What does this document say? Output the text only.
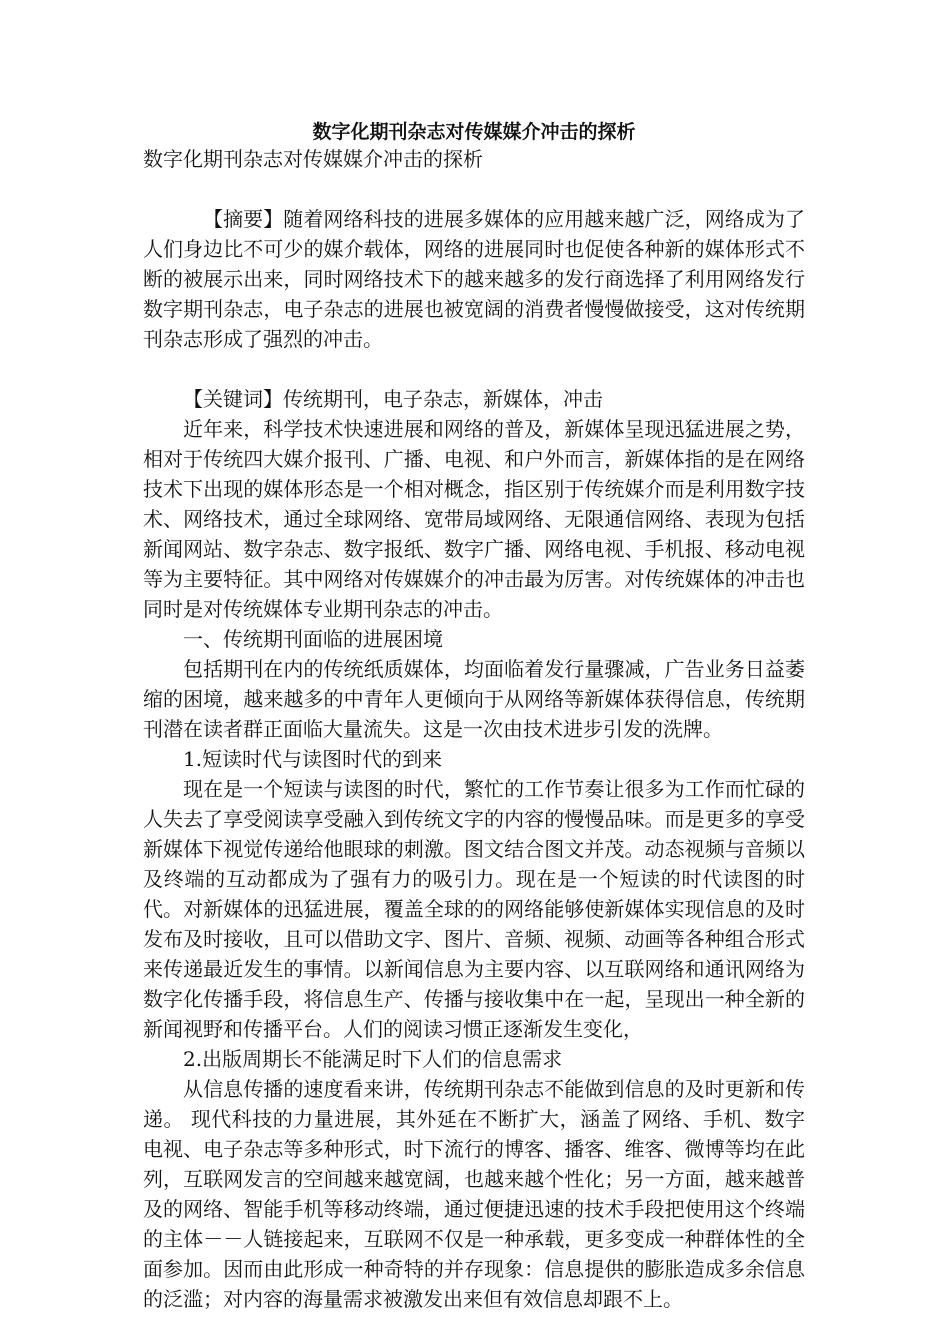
数字化期刊杂志对传媒媒介冲击的探析

数字化期刊杂志对传媒媒介冲击的探析

【摘要】随着网络科技的进展多媒体的应用越来越广泛，网络成为了人们身边比不可少的媒介载体，网络的进展同时也促使各种新的媒体形式不断的被展示出来，同时网络技术下的越来越多的发行商选择了利用网络发行数字期刊杂志，电子杂志的进展也被宽阔的消费者慢慢做接受，这对传统期刊杂志形成了强烈的冲击。

【关键词】传统期刊，电子杂志，新媒体，冲击

近年来，科学技术快速进展和网络的普及，新媒体呈现迅猛进展之势，相对于传统四大媒介报刊、广播、电视、和户外而言，新媒体指的是在网络技术下出现的媒体形态是一个相对概念，指区别于传统媒介而是利用数字技术、网络技术，通过全球网络、宽带局域网络、无限通信网络、表现为包括新闻网站、数字杂志、数字报纸、数字广播、网络电视、手机报、移动电视等为主要特征。其中网络对传媒媒介的冲击最为厉害。对传统媒体的冲击也同时是对传统媒体专业期刊杂志的冲击。

一、传统期刊面临的进展困境

包括期刊在内的传统纸质媒体，均面临着发行量骤减，广告业务日益萎缩的困境，越来越多的中青年人更倾向于从网络等新媒体获得信息，传统期刊潜在读者群正面临大量流失。这是一次由技术进步引发的洗牌。

1.短读时代与读图时代的到来

现在是一个短读与读图的时代，繁忙的工作节奏让很多为工作而忙碌的人失去了享受阅读享受融入到传统文字的内容的慢慢品味。而是更多的享受新媒体下视觉传递给他眼球的刺激。图文结合图文并茂。动态视频与音频以及终端的互动都成为了强有力的吸引力。现在是一个短读的时代读图的时代。对新媒体的迅猛进展，覆盖全球的的网络能够使新媒体实现信息的及时发布及时接收，且可以借助文字、图片、音频、视频、动画等各种组合形式来传递最近发生的事情。以新闻信息为主要内容、以互联网络和通讯网络为数字化传播手段，将信息生产、传播与接收集中在一起，呈现出一种全新的新闻视野和传播平台。人们的阅读习惯正逐渐发生变化，

2.出版周期长不能满足时下人们的信息需求

从信息传播的速度看来讲，传统期刊杂志不能做到信息的及时更新和传递。 现代科技的力量进展，其外延在不断扩大，涵盖了网络、手机、数字电视、电子杂志等多种形式，时下流行的博客、播客、维客、微博等均在此列，互联网发言的空间越来越宽阔，也越来越个性化；另一方面，越来越普及的网络、智能手机等移动终端，通过便捷迅速的技术手段把使用这个终端的主体－－人链接起来，互联网不仅是一种承载，更多变成一种群体性的全面参加。因而由此形成一种奇特的并存现象：信息提供的膨胀造成多余信息的泛滥；对内容的海量需求被激发出来但有效信息却跟不上。
